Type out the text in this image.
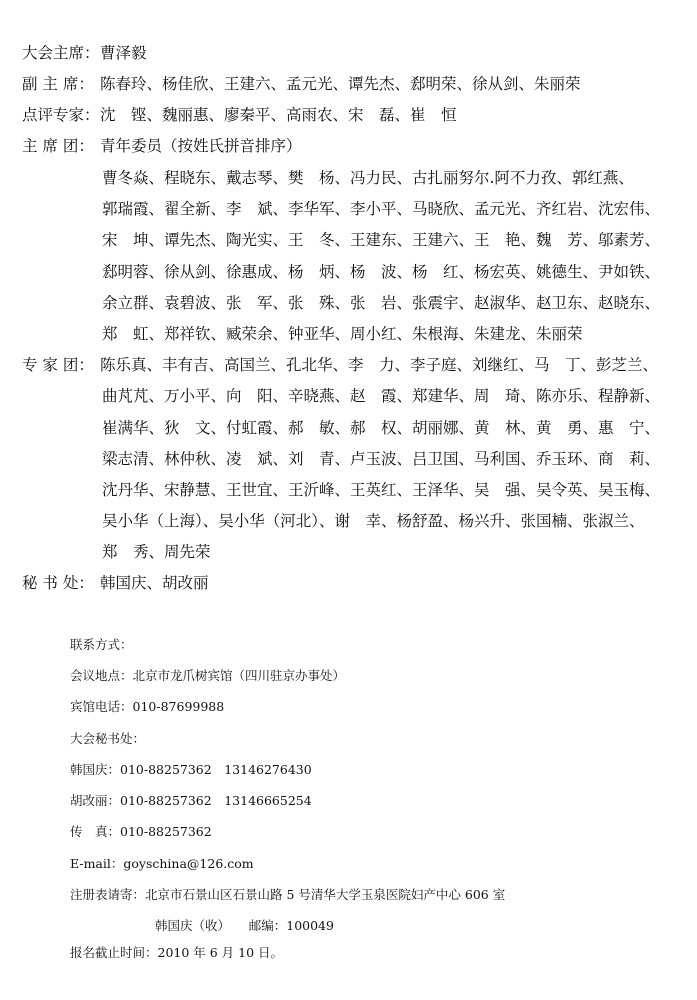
大会主席：曹泽毅
副 主 席： 陈春玲、杨佳欣、王建六、孟元光、谭先杰、郄明荣、徐从剑、朱丽荣
点评专家：沈　铿、魏丽惠、廖秦平、高雨农、宋　磊、崔　恒
主 席 团： 青年委员（按姓氏拼音排序）
曹冬焱、程晓东、戴志琴、樊　杨、冯力民、古扎丽努尔.阿不力孜、郭红燕、
郭瑞霞、翟全新、李　斌、李华军、李小平、马晓欣、孟元光、齐红岩、沈宏伟、
宋　坤、谭先杰、陶光实、王　冬、王建东、王建六、王　艳、魏　芳、邬素芳、
郄明蓉、徐从剑、徐惠成、杨　炳、杨　波、杨　红、杨宏英、姚德生、尹如铁、
余立群、袁碧波、张　军、张　殊、张　岩、张震宇、赵淑华、赵卫东、赵晓东、
郑　虹、郑祥钦、臧荣余、钟亚华、周小红、朱根海、朱建龙、朱丽荣
专 家 团： 陈乐真、丰有吉、高国兰、孔北华、李　力、李子庭、刘继红、马　丁、彭芝兰、
曲芃芃、万小平、向　阳、辛晓燕、赵　霞、郑建华、周　琦、陈亦乐、程静新、
崔满华、狄　文、付虹霞、郝　敏、郝　权、胡丽娜、黄　林、黄　勇、惠　宁、
梁志清、林仲秋、凌　斌、刘　青、卢玉波、吕卫国、马利国、乔玉环、商　莉、
沈丹华、宋静慧、王世宜、王沂峰、王英红、王泽华、吴　强、吴令英、吴玉梅、
吴小华（上海）、吴小华（河北）、谢　幸、杨舒盈、杨兴升、张国楠、张淑兰、
郑　秀、周先荣
秘 书 处： 韩国庆、胡改丽
联系方式：
会议地点：北京市龙爪树宾馆（四川驻京办事处）
宾馆电话：010-87699988
大会秘书处：
韩国庆：010-88257362　13146276430
胡改丽：010-88257362　13146665254
传　真：010-88257362
E-mail：goyschina@126.com
注册表请寄：北京市石景山区石景山路 5 号清华大学玉泉医院妇产中心 606 室
韩国庆（收）　　邮编：100049
报名截止时间：2010 年 6 月 10 日。
